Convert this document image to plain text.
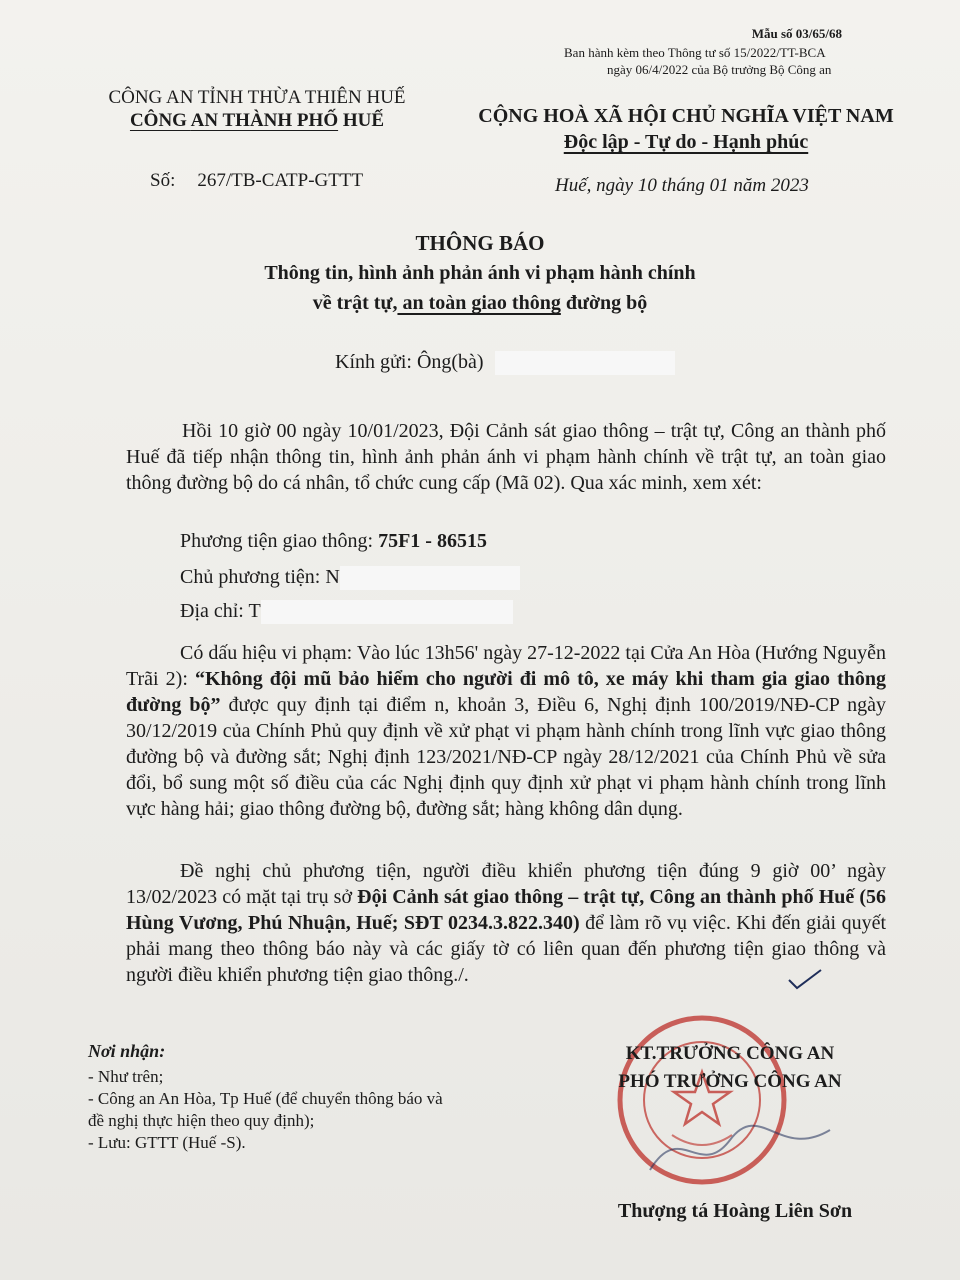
Mẫu số 03/65/68
Ban hành kèm theo Thông tư số 15/2022/TT-BCA
ngày 06/4/2022 của Bộ trưởng Bộ Công an
CÔNG AN TỈNH THỪA THIÊN HUẾ
CÔNG AN THÀNH PHỐ HUẾ	CỘNG HOÀ XÃ HỘI CHỦ NGHĨA VIỆT NAM
Độc lập - Tự do - Hạnh phúc
Số: 267/TB-CATP-GTTT	Huế, ngày 10 tháng 01 năm 2023
THÔNG BÁO
Thông tin, hình ảnh phản ánh vi phạm hành chính
về trật tự, an toàn giao thông đường bộ
Kính gửi: Ông(bà)
Hồi 10 giờ 00 ngày 10/01/2023, Đội Cảnh sát giao thông – trật tự, Công an thành phố Huế đã tiếp nhận thông tin, hình ảnh phản ánh vi phạm hành chính về trật tự, an toàn giao thông đường bộ do cá nhân, tổ chức cung cấp (Mã 02). Qua xác minh, xem xét:
Phương tiện giao thông: 75F1 - 86515
Chủ phương tiện: N
Địa chỉ: T
Có dấu hiệu vi phạm: Vào lúc 13h56' ngày 27-12-2022 tại Cửa An Hòa (Hướng Nguyễn Trãi 2): “Không đội mũ bảo hiểm cho người đi mô tô, xe máy khi tham gia giao thông đường bộ” được quy định tại điểm n, khoản 3, Điều 6, Nghị định 100/2019/NĐ-CP ngày 30/12/2019 của Chính Phủ quy định về xử phạt vi phạm hành chính trong lĩnh vực giao thông đường bộ và đường sắt; Nghị định 123/2021/NĐ-CP ngày 28/12/2021 của Chính Phủ về sửa đổi, bổ sung một số điều của các Nghị định quy định xử phạt vi phạm hành chính trong lĩnh vực hàng hải; giao thông đường bộ, đường sắt; hàng không dân dụng.
Đề nghị chủ phương tiện, người điều khiển phương tiện đúng 9 giờ 00’ ngày 13/02/2023 có mặt tại trụ sở Đội Cảnh sát giao thông – trật tự, Công an thành phố Huế (56 Hùng Vương, Phú Nhuận, Huế; SĐT 0234.3.822.340) để làm rõ vụ việc. Khi đến giải quyết phải mang theo thông báo này và các giấy tờ có liên quan đến phương tiện giao thông và người điều khiển phương tiện giao thông./.
Nơi nhận:
- Như trên;
- Công an An Hòa, Tp Huế (để chuyển thông báo và
đề nghị thực hiện theo quy định);
- Lưu: GTTT (Huế -S).
KT.TRƯỞNG CÔNG AN
PHÓ TRƯỞNG CÔNG AN
Thượng tá Hoàng Liên Sơn
